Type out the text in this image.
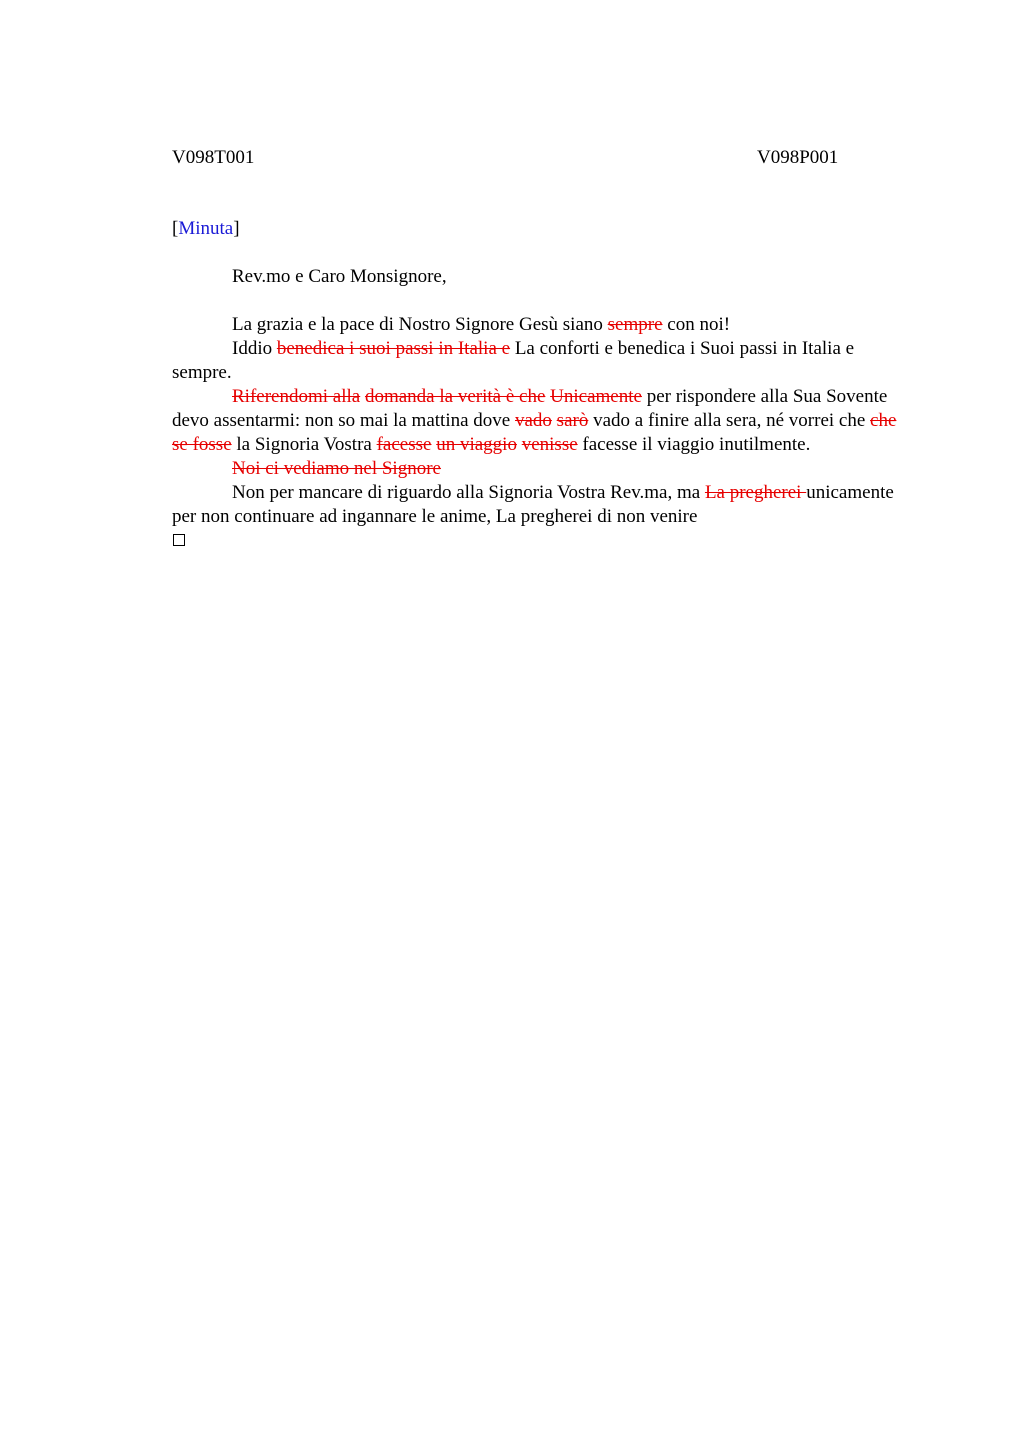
V098T001	V098P001
[Minuta]

Rev.mo e Caro Monsignore,

La grazia e la pace di Nostro Signore Gesù siano sempre con noi!

Iddio benedica i suoi passi in Italia e La conforti e benedica i Suoi passi in Italia e sempre.

Riferendomi alla domanda la verità è che Unicamente per rispondere alla Sua Sovente devo assentarmi: non so mai la mattina dove vado sarò vado a finire alla sera, né vorrei che che se fosse la Signoria Vostra facesse un viaggio venisse facesse il viaggio inutilmente.

Noi ci vediamo nel Signore

Non per mancare di riguardo alla Signoria Vostra Rev.ma, ma La pregherei unicamente per non continuare ad ingannare le anime, La pregherei di non venire
